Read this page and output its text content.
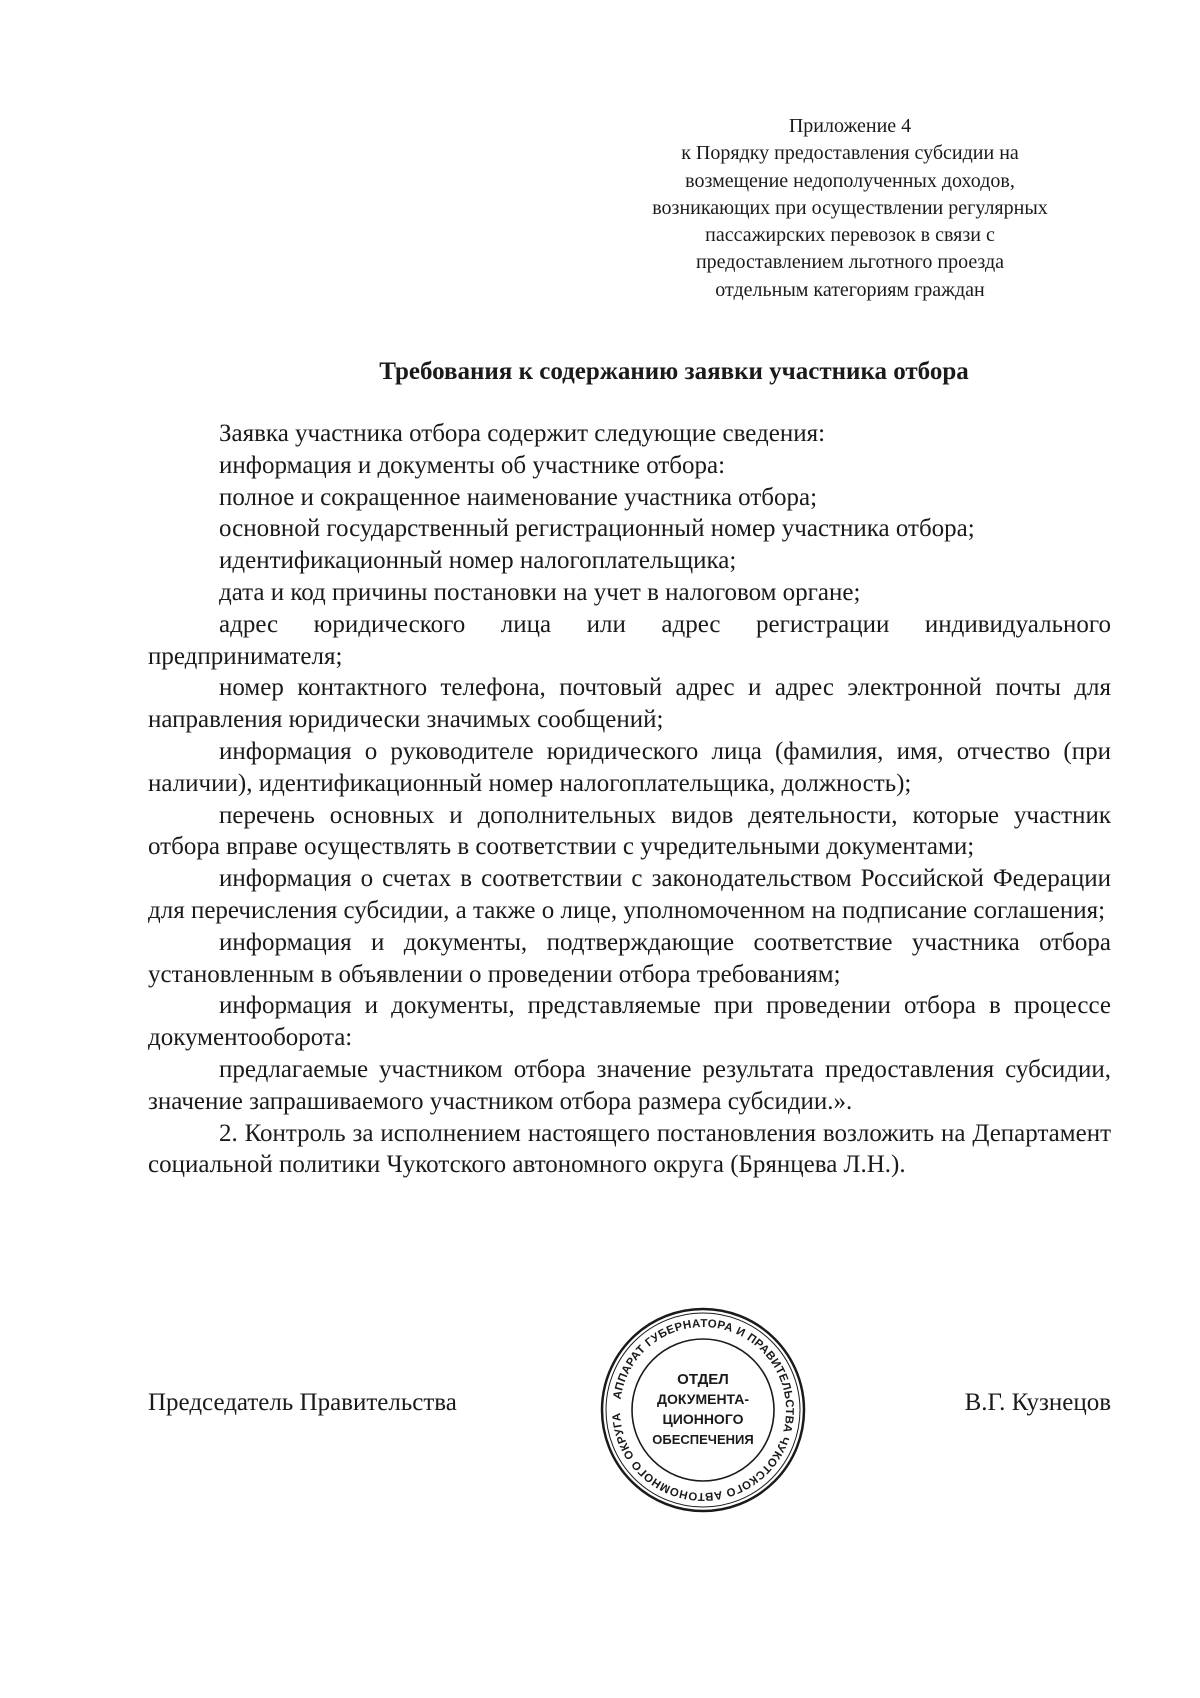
Приложение 4
к Порядку предоставления субсидии на
возмещение недополученных доходов,
возникающих при осуществлении регулярных
пассажирских перевозок в связи с
предоставлением льготного проезда
отдельным категориям граждан
Требования к содержанию заявки участника отбора

Заявка участника отбора содержит следующие сведения:

информация и документы об участнике отбора:

полное и сокращенное наименование участника отбора;

основной государственный регистрационный номер участника отбора;

идентификационный номер налогоплательщика;

дата и код причины постановки на учет в налоговом органе;

адрес юридического лица или адрес регистрации индивидуального предпринимателя;

номер контактного телефона, почтовый адрес и адрес электронной почты для направления юридически значимых сообщений;

информация о руководителе юридического лица (фамилия, имя, отчество (при наличии), идентификационный номер налогоплательщика, должность);

перечень основных и дополнительных видов деятельности, которые участник отбора вправе осуществлять в соответствии с учредительными документами;

информация о счетах в соответствии с законодательством Российской Федерации для перечисления субсидии, а также о лице, уполномоченном на подписание соглашения;

информация и документы, подтверждающие соответствие участника отбора установленным в объявлении о проведении отбора требованиям;

информация и документы, представляемые при проведении отбора в процессе документооборота:

предлагаемые участником отбора значение результата предоставления субсидии, значение запрашиваемого участником отбора размера субсидии.».

2. Контроль за исполнением настоящего постановления возложить на Департамент социальной политики Чукотского автономного округа (Брянцева Л.Н.).

Председатель Правительства	В.Г. Кузнецов
АППАРАТ ГУБЕРНАТОРА И ПРАВИТЕЛЬСТВА ЧУКОТСКОГО АВТОНОМНОГО ОКРУГА
ОТДЕЛ
ДОКУМЕНТА-
ЦИОННОГО
ОБЕСПЕЧЕНИЯ
